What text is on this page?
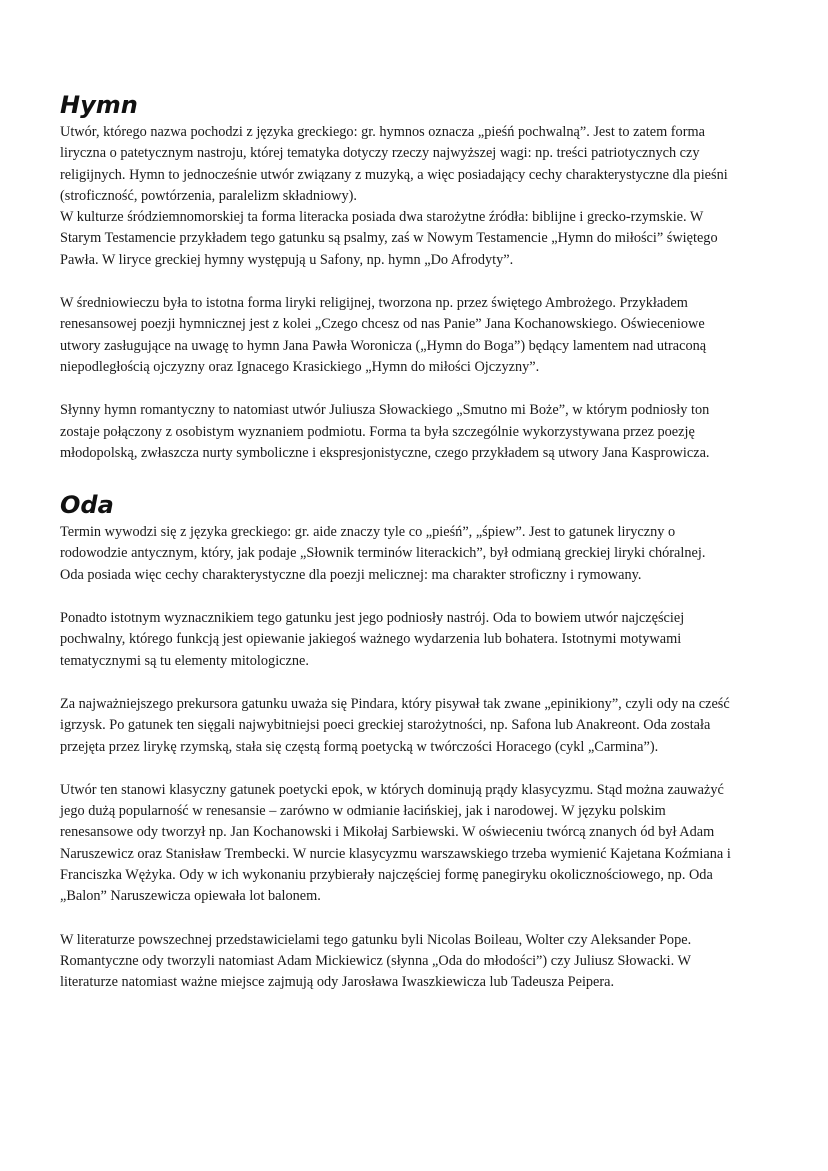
Hymn

Utwór, którego nazwa pochodzi z języka greckiego: gr. hymnos oznacza „pieśń pochwalną”. Jest to zatem forma
liryczna o patetycznym nastroju, której tematyka dotyczy rzeczy najwyższej wagi: np. treści patriotycznych czy
religijnych. Hymn to jednocześnie utwór związany z muzyką, a więc posiadający cechy charakterystyczne dla pieśni
(stroficzność, powtórzenia, paralelizm składniowy).
W kulturze śródziemnomorskiej ta forma literacka posiada dwa starożytne źródła: biblijne i grecko-rzymskie. W
Starym Testamencie przykładem tego gatunku są psalmy, zaś w Nowym Testamencie „Hymn do miłości” świętego
Pawła. W liryce greckiej hymny występują u Safony, np. hymn „Do Afrodyty”.

W średniowieczu była to istotna forma liryki religijnej, tworzona np. przez świętego Ambrożego. Przykładem
renesansowej poezji hymnicznej jest z kolei „Czego chcesz od nas Panie” Jana Kochanowskiego. Oświeceniowe
utwory zasługujące na uwagę to hymn Jana Pawła Woronicza („Hymn do Boga”) będący lamentem nad utraconą
niepodległością ojczyzny oraz Ignacego Krasickiego „Hymn do miłości Ojczyzny”.

Słynny hymn romantyczny to natomiast utwór Juliusza Słowackiego „Smutno mi Boże”, w którym podniosły ton
zostaje połączony z osobistym wyznaniem podmiotu. Forma ta była szczególnie wykorzystywana przez poezję
młodopolską, zwłaszcza nurty symboliczne i ekspresjonistyczne, czego przykładem są utwory Jana Kasprowicza.

Oda

Termin wywodzi się z języka greckiego: gr. aide znaczy tyle co „pieśń”, „śpiew”. Jest to gatunek liryczny o
rodowodzie antycznym, który, jak podaje „Słownik terminów literackich”, był odmianą greckiej liryki chóralnej.
Oda posiada więc cechy charakterystyczne dla poezji melicznej: ma charakter stroficzny i rymowany.

Ponadto istotnym wyznacznikiem tego gatunku jest jego podniosły nastrój. Oda to bowiem utwór najczęściej
pochwalny, którego funkcją jest opiewanie jakiegoś ważnego wydarzenia lub bohatera. Istotnymi motywami
tematycznymi są tu elementy mitologiczne.

Za najważniejszego prekursora gatunku uważa się Pindara, który pisywał tak zwane „epinikiony”, czyli ody na cześć
igrzysk. Po gatunek ten sięgali najwybitniejsi poeci greckiej starożytności, np. Safona lub Anakreont. Oda została
przejęta przez lirykę rzymską, stała się częstą formą poetycką w twórczości Horacego (cykl „Carmina”).

Utwór ten stanowi klasyczny gatunek poetycki epok, w których dominują prądy klasycyzmu. Stąd można zauważyć
jego dużą popularność w renesansie – zarówno w odmianie łacińskiej, jak i narodowej. W języku polskim
renesansowe ody tworzył np. Jan Kochanowski i Mikołaj Sarbiewski. W oświeceniu twórcą znanych ód był Adam
Naruszewicz oraz Stanisław Trembecki. W nurcie klasycyzmu warszawskiego trzeba wymienić Kajetana Koźmiana i
Franciszka Wężyka. Ody w ich wykonaniu przybierały najczęściej formę panegiryku okolicznościowego, np. Oda
„Balon” Naruszewicza opiewała lot balonem.

W literaturze powszechnej przedstawicielami tego gatunku byli Nicolas Boileau, Wolter czy Aleksander Pope.
Romantyczne ody tworzyli natomiast Adam Mickiewicz (słynna „Oda do młodości”) czy Juliusz Słowacki. W
literaturze natomiast ważne miejsce zajmują ody Jarosława Iwaszkiewicza lub Tadeusza Peipera.
